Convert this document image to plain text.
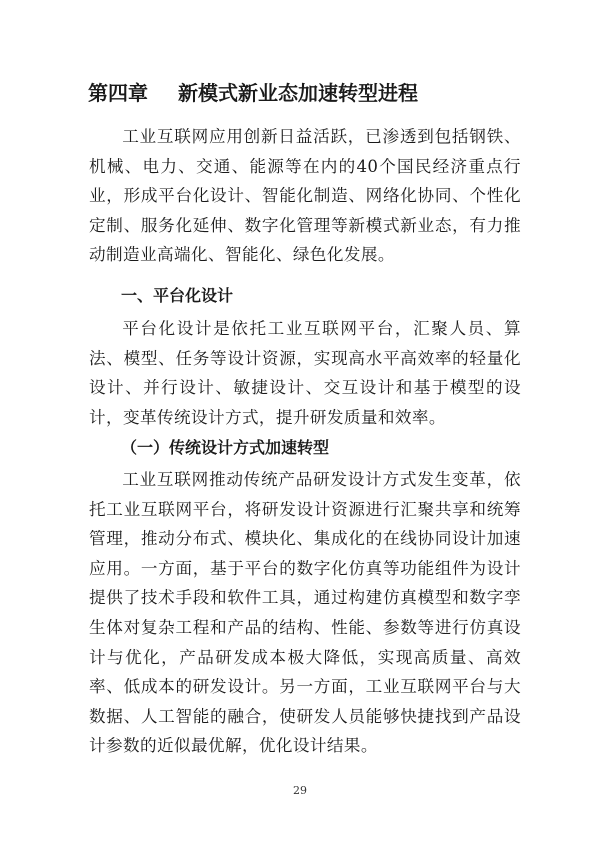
第四章 新模式新业态加速转型进程

工业互联网应用创新日益活跃，已渗透到包括钢铁、机械、电力、交通、能源等在内的40个国民经济重点行业，形成平台化设计、智能化制造、网络化协同、个性化定制、服务化延伸、数字化管理等新模式新业态，有力推动制造业高端化、智能化、绿色化发展。

一、平台化设计

平台化设计是依托工业互联网平台，汇聚人员、算法、模型、任务等设计资源，实现高水平高效率的轻量化设计、并行设计、敏捷设计、交互设计和基于模型的设计，变革传统设计方式，提升研发质量和效率。

（一）传统设计方式加速转型

工业互联网推动传统产品研发设计方式发生变革，依托工业互联网平台，将研发设计资源进行汇聚共享和统筹管理，推动分布式、模块化、集成化的在线协同设计加速应用。一方面，基于平台的数字化仿真等功能组件为设计提供了技术手段和软件工具，通过构建仿真模型和数字孪生体对复杂工程和产品的结构、性能、参数等进行仿真设计与优化，产品研发成本极大降低，实现高质量、高效率、低成本的研发设计。另一方面，工业互联网平台与大数据、人工智能的融合，使研发人员能够快捷找到产品设计参数的近似最优解，优化设计结果。

29
